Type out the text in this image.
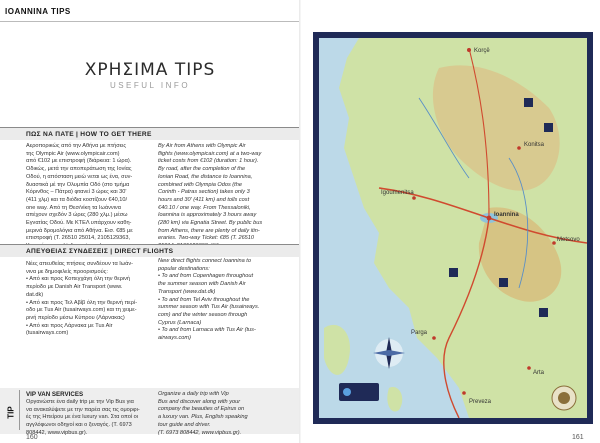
IOANNINA TIPS
ΧΡΗΣΙΜΑ TIPS
USEFUL INFO
ΠΩΣ ΝΑ ΠΑΤΕ | HOW TO GET THERE
Αεροπορικώς από την Αθήνα με πτήσεις
της Olympic Air (www.olympicair.com)
από €102 με επιστροφή (διάρκεια: 1 ώρα).
Οδικώς, μετά την αποπεράτωση της Ιονίας
Οδού, η απόσταση μειώ νεται ως ένα, συν-
δυαστικά μέ την Ολυμπία Οδό (στο τμήμα
Κόρινθος – Πάτρα) φτανεί 3 ώρες και 30'
(411 χλμ) και τα διόδια κοστίζουν €40,10/
one way. Από τη Θεσ/νίκη τα Ιωάννινα
απέχουν σχεδόν 3 ώρες (280 χλμ.) μέσω
Εγνατίας Οδού. Με ΚΤΕΛ υπάρχουν καθη-
μερινά δρομολόγια από Αθήνα. Εισ. €85 με
επιστροφή (Τ. 26510 25014, 2105129363,
By Air from Athens with Olympic Air
flights (www.olympicair.com) at a two-way
ticket costs from €102 (duration: 1 hour).
By road, after the completion of the
Ionian Road, the distance to Ioannina,
combined with Olympia Odos (the
Corinth - Patras section) takes only 3
hours and 30' (411 km) and tolls cost
€40.10 / one way. From Thessaloniki,
Ioannina is approximately 3 hours away
(280 km) via Egnatia Street. By public bus
from Athens, there are plenty of daily itin-
eraries. Two-way Ticket: €85 (T. 26510
ΑΠΕΥΘΕΙΑΣ ΣΥΝΔΕΣΕΙΣ | DIRECT FLIGHTS
Νέες απευθείας πτήσεις συνδέουν τα Ιωάν-
νινα με δημοφιλείς προορισμούς:
• Από και προς Κοπεγχάγη όλη την θερινή
περίοδο με Danish Air Transport (www.
dat.dk)
• Από και προς Τελ Αβίβ όλη την θερινή περί-
οδο με Tus Air (tusairways.com) και τη χειμε-
ρινή περίοδο μέσω Κύπρου (Λάρνακας)
• Από και προς Λάρνακα με Tus Air
(tusairways.com)
New direct flights connect Ioannina to
popular destinations:
• To and from Copenhagen throughout
the summer season with Danish Air
Transport (www.dat.dk)
• To and from Tel Aviv throughout the
summer season with Tus Air (tusairways.
com) and the winter season through
Cyprus (Larnaca)
• To and from Larnaca with Tus Air (tus-
airways.com)
TIP
VIP VAN SERVICES
Οργανώστε ένα daily trip με την Vip Bus για
να ανακαλύψετε με την παρέα σας τις ομορφι-
ές της Ηπείρου με ένα luxury van. Στα οποί οι
αγγλόφωνοι οδηγοί και ο ξεναγός. (Τ. 6973
808442, www.vipbus.gr).
Organize a daily trip with Vip
Bus and discover along with your
company the beauties of Epirus on
a luxury van. Plus, English speaking
tour guide and driver.
(T. 6973 808442, www.vipbus.gr).
160
Korçë
Ioannina
Preveza
Parga
Konitsa
Metsovo
Arta
Igoumenitsa
161
